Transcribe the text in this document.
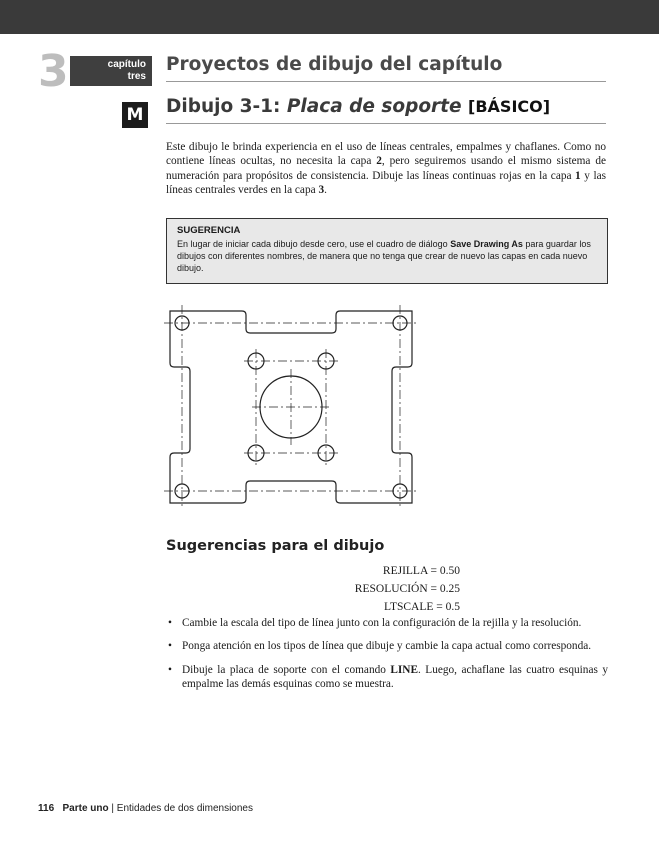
3	capítulo
tres
Proyectos de dibujo del capítulo
M Dibujo 3-1: Placa de soporte [BÁSICO]
Este dibujo le brinda experiencia en el uso de líneas centrales, empalmes y chaflanes. Como no contiene líneas ocultas, no necesita la capa 2, pero seguiremos usando el mismo sistema de numeración para propósitos de consistencia. Dibuje las líneas continuas rojas en la capa 1 y las líneas centrales verdes en la capa 3.
SUGERENCIA
En lugar de iniciar cada dibujo desde cero, use el cuadro de diálogo Save Drawing As para guardar los dibujos con diferentes nombres, de manera que no tenga que crear de nuevo las capas en cada nuevo dibujo.
Sugerencias para el dibujo
REJILLA = 0.50
RESOLUCIÓN = 0.25
LTSCALE = 0.5
• Cambie la escala del tipo de línea junto con la configuración de la rejilla y la resolución.
• Ponga atención en los tipos de línea que dibuje y cambie la capa actual como corresponda.
• Dibuje la placa de soporte con el comando LINE. Luego, achaflane las cuatro esquinas y empalme las demás esquinas como se muestra.
116 Parte uno | Entidades de dos dimensiones
